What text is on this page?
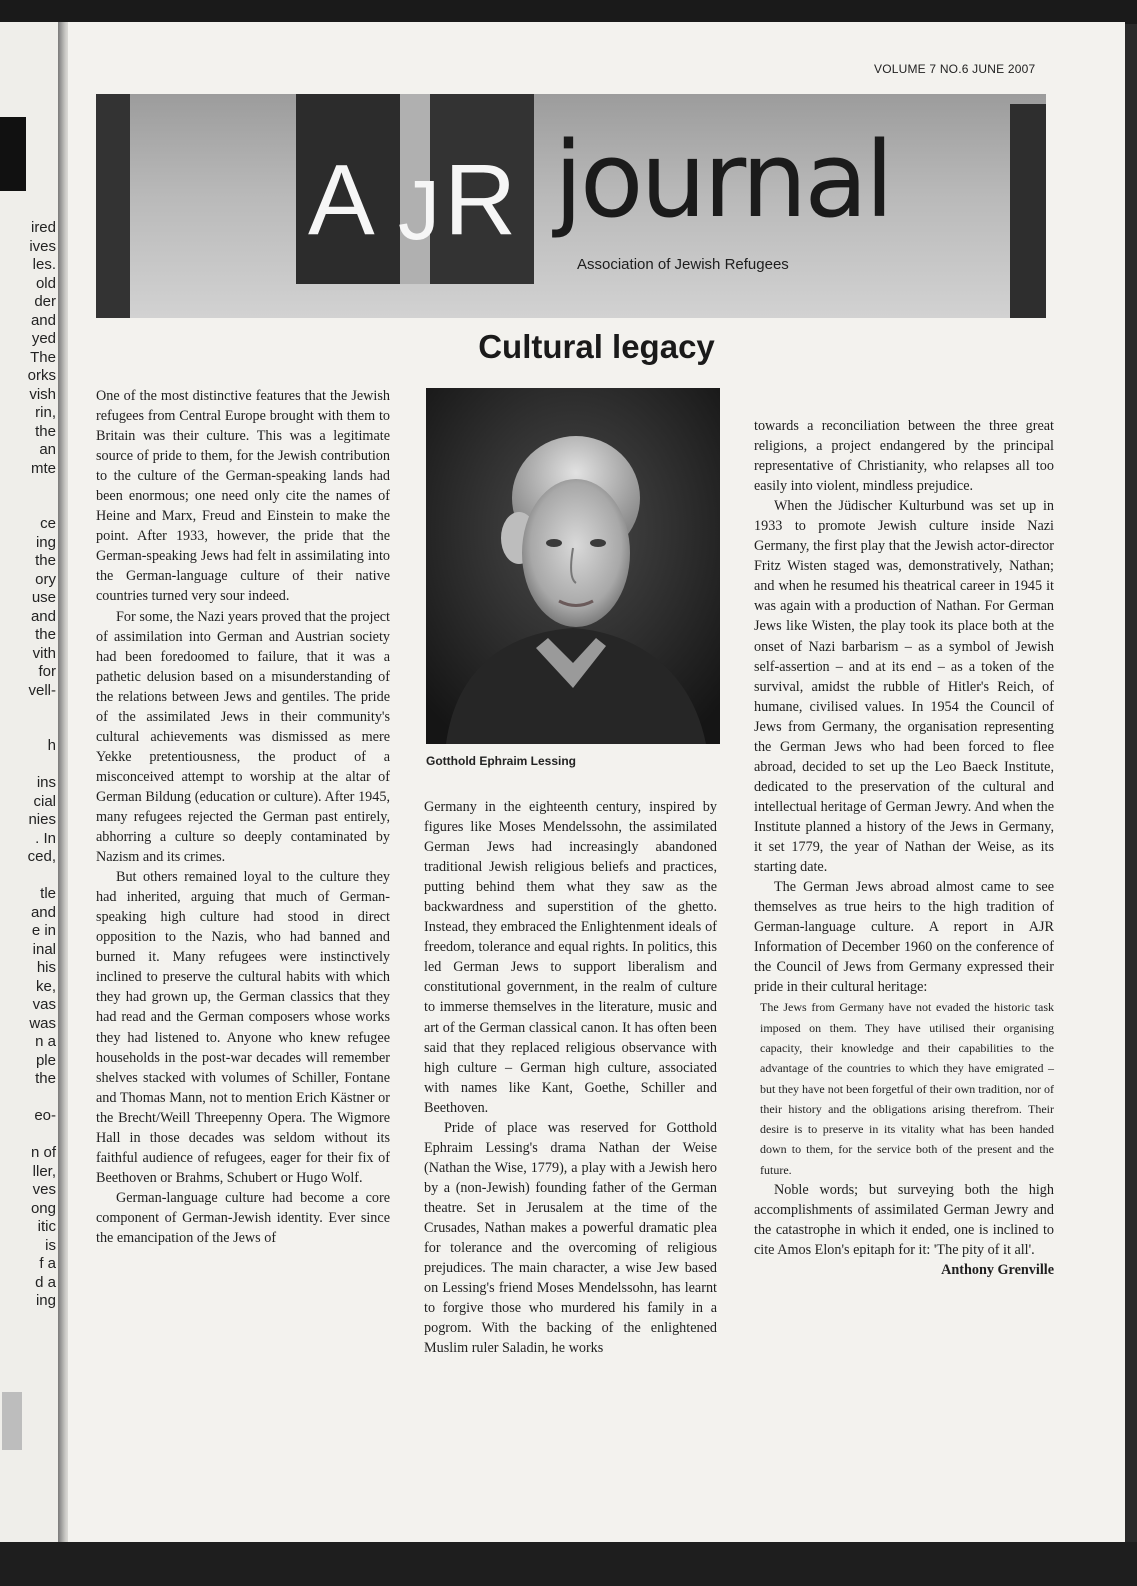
ired
ives
les.
old
der
and
yed
The
orks
vish
rin,
the
an
mte

ce
ing
the
ory
use
and
the
vith
for
vell-

h

ins
cial
nies
. In
ced,

tle
and
e in
inal
his
ke,
vas
was
n a
ple
the

eo-

n of
ller,
ves
ong
itic
is
f a
d a
ing
VOLUME 7 NO.6 JUNE 2007
A J R journal
Association of Jewish Refugees
Cultural legacy

One of the most distinctive features that the Jewish refugees from Central Europe brought with them to Britain was their culture. This was a legitimate source of pride to them, for the Jewish contribution to the culture of the German-speaking lands had been enormous; one need only cite the names of Heine and Marx, Freud and Einstein to make the point. After 1933, however, the pride that the German-speaking Jews had felt in assimilating into the German-language culture of their native countries turned very sour indeed.

For some, the Nazi years proved that the project of assimilation into German and Austrian society had been foredoomed to failure, that it was a pathetic delusion based on a misunderstanding of the relations between Jews and gentiles. The pride of the assimilated Jews in their community's cultural achievements was dismissed as mere Yekke pretentiousness, the product of a misconceived attempt to worship at the altar of German Bildung (education or culture). After 1945, many refugees rejected the German past entirely, abhorring a culture so deeply contaminated by Nazism and its crimes.

But others remained loyal to the culture they had inherited, arguing that much of German-speaking high culture had stood in direct opposition to the Nazis, who had banned and burned it. Many refugees were instinctively inclined to preserve the cultural habits with which they had grown up, the German classics that they had read and the German composers whose works they had listened to. Anyone who knew refugee households in the post-war decades will remember shelves stacked with volumes of Schiller, Fontane and Thomas Mann, not to mention Erich Kästner or the Brecht/Weill Threepenny Opera. The Wigmore Hall in those decades was seldom without its faithful audience of refugees, eager for their fix of Beethoven or Brahms, Schubert or Hugo Wolf.

German-language culture had become a core component of German-Jewish identity. Ever since the emancipation of the Jews of

Gotthold Ephraim Lessing

Germany in the eighteenth century, inspired by figures like Moses Mendelssohn, the assimilated German Jews had increasingly abandoned traditional Jewish religious beliefs and practices, putting behind them what they saw as the backwardness and superstition of the ghetto. Instead, they embraced the Enlightenment ideals of freedom, tolerance and equal rights. In politics, this led German Jews to support liberalism and constitutional government, in the realm of culture to immerse themselves in the literature, music and art of the German classical canon. It has often been said that they replaced religious observance with high culture – German high culture, associated with names like Kant, Goethe, Schiller and Beethoven.

Pride of place was reserved for Gotthold Ephraim Lessing's drama Nathan der Weise (Nathan the Wise, 1779), a play with a Jewish hero by a (non-Jewish) founding father of the German theatre. Set in Jerusalem at the time of the Crusades, Nathan makes a powerful dramatic plea for tolerance and the overcoming of religious prejudices. The main character, a wise Jew based on Lessing's friend Moses Mendelssohn, has learnt to forgive those who murdered his family in a pogrom. With the backing of the enlightened Muslim ruler Saladin, he works

towards a reconciliation between the three great religions, a project endangered by the principal representative of Christianity, who relapses all too easily into violent, mindless prejudice.

When the Jüdischer Kulturbund was set up in 1933 to promote Jewish culture inside Nazi Germany, the first play that the Jewish actor-director Fritz Wisten staged was, demonstratively, Nathan; and when he resumed his theatrical career in 1945 it was again with a production of Nathan. For German Jews like Wisten, the play took its place both at the onset of Nazi barbarism – as a symbol of Jewish self-assertion – and at its end – as a token of the survival, amidst the rubble of Hitler's Reich, of humane, civilised values. In 1954 the Council of Jews from Germany, the organisation representing the German Jews who had been forced to flee abroad, decided to set up the Leo Baeck Institute, dedicated to the preservation of the cultural and intellectual heritage of German Jewry. And when the Institute planned a history of the Jews in Germany, it set 1779, the year of Nathan der Weise, as its starting date.

The German Jews abroad almost came to see themselves as true heirs to the high tradition of German-language culture. A report in AJR Information of December 1960 on the conference of the Council of Jews from Germany expressed their pride in their cultural heritage:

The Jews from Germany have not evaded the historic task imposed on them. They have utilised their organising capacity, their knowledge and their capabilities to the advantage of the countries to which they have emigrated – but they have not been forgetful of their own tradition, nor of their history and the obligations arising therefrom. Their desire is to preserve in its vitality what has been handed down to them, for the service both of the present and the future.

Noble words; but surveying both the high accomplishments of assimilated German Jewry and the catastrophe in which it ended, one is inclined to cite Amos Elon's epitaph for it: 'The pity of it all'.

Anthony Grenville
